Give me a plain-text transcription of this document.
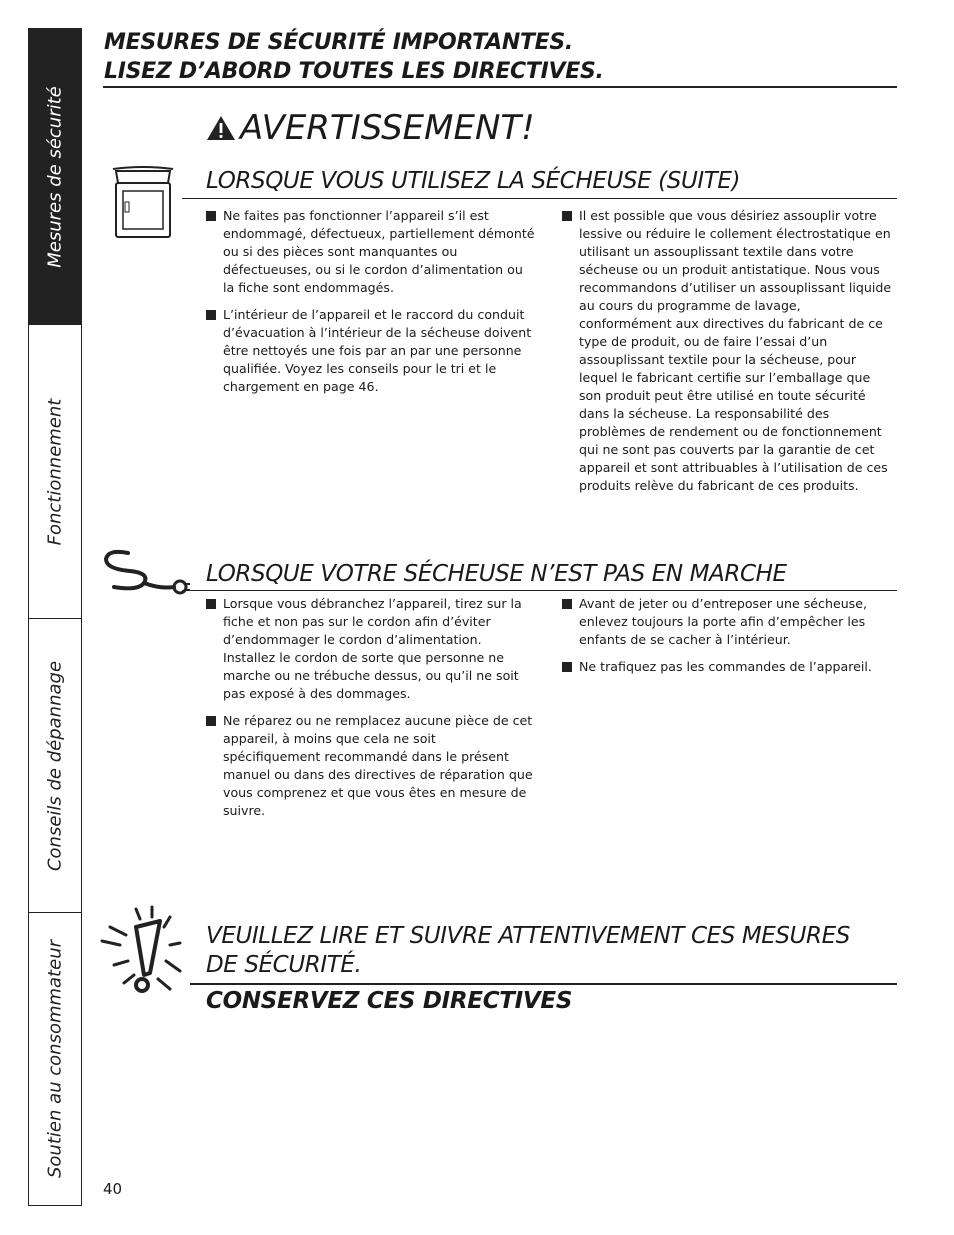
Mesures de sécurité
Fonctionnement
Conseils de dépannage
Soutien au consommateur
MESURES DE SÉCURITÉ IMPORTANTES.
LISEZ D’ABORD TOUTES LES DIRECTIVES.
AVERTISSEMENT!
LORSQUE VOUS UTILISEZ LA SÉCHEUSE (SUITE)
Ne faites pas fonctionner l’appareil s’il est endommagé, défectueux, partiellement démonté ou si des pièces sont manquantes ou défectueuses, ou si le cordon d’alimentation ou la fiche sont endommagés.
L’intérieur de l’appareil et le raccord du conduit d’évacuation à l’intérieur de la sécheuse doivent être nettoyés une fois par an par une personne qualifiée. Voyez les conseils pour le tri et le chargement en page 46.
Il est possible que vous désiriez assouplir votre lessive ou réduire le collement électrostatique en utilisant un assouplissant textile dans votre sécheuse ou un produit antistatique. Nous vous recommandons d’utiliser un assouplissant liquide au cours du programme de lavage, conformément aux directives du fabricant de ce type de produit, ou de faire l’essai d’un assouplissant textile pour la sécheuse, pour lequel le fabricant certifie sur l’emballage que son produit peut être utilisé en toute sécurité dans la sécheuse. La responsabilité des problèmes de rendement ou de fonctionnement qui ne sont pas couverts par la garantie de cet appareil et sont attribuables à l’utilisation de ces produits relève du fabricant de ces produits.
LORSQUE VOTRE SÉCHEUSE N’EST PAS EN MARCHE
Lorsque vous débranchez l’appareil, tirez sur la fiche et non pas sur le cordon afin d’éviter d’endommager le cordon d’alimentation. Installez le cordon de sorte que personne ne marche ou ne trébuche dessus, ou qu’il ne soit pas exposé à des dommages.
Ne réparez ou ne remplacez aucune pièce de cet appareil, à moins que cela ne soit spécifiquement recommandé dans le présent manuel ou dans des directives de réparation que vous comprenez et que vous êtes en mesure de suivre.
Avant de jeter ou d’entreposer une sécheuse, enlevez toujours la porte afin d’empêcher les enfants de se cacher à l’intérieur.
Ne trafiquez pas les commandes de l’appareil.
VEUILLEZ LIRE ET SUIVRE ATTENTIVEMENT CES MESURES
DE SÉCURITÉ.
CONSERVEZ CES DIRECTIVES
40
